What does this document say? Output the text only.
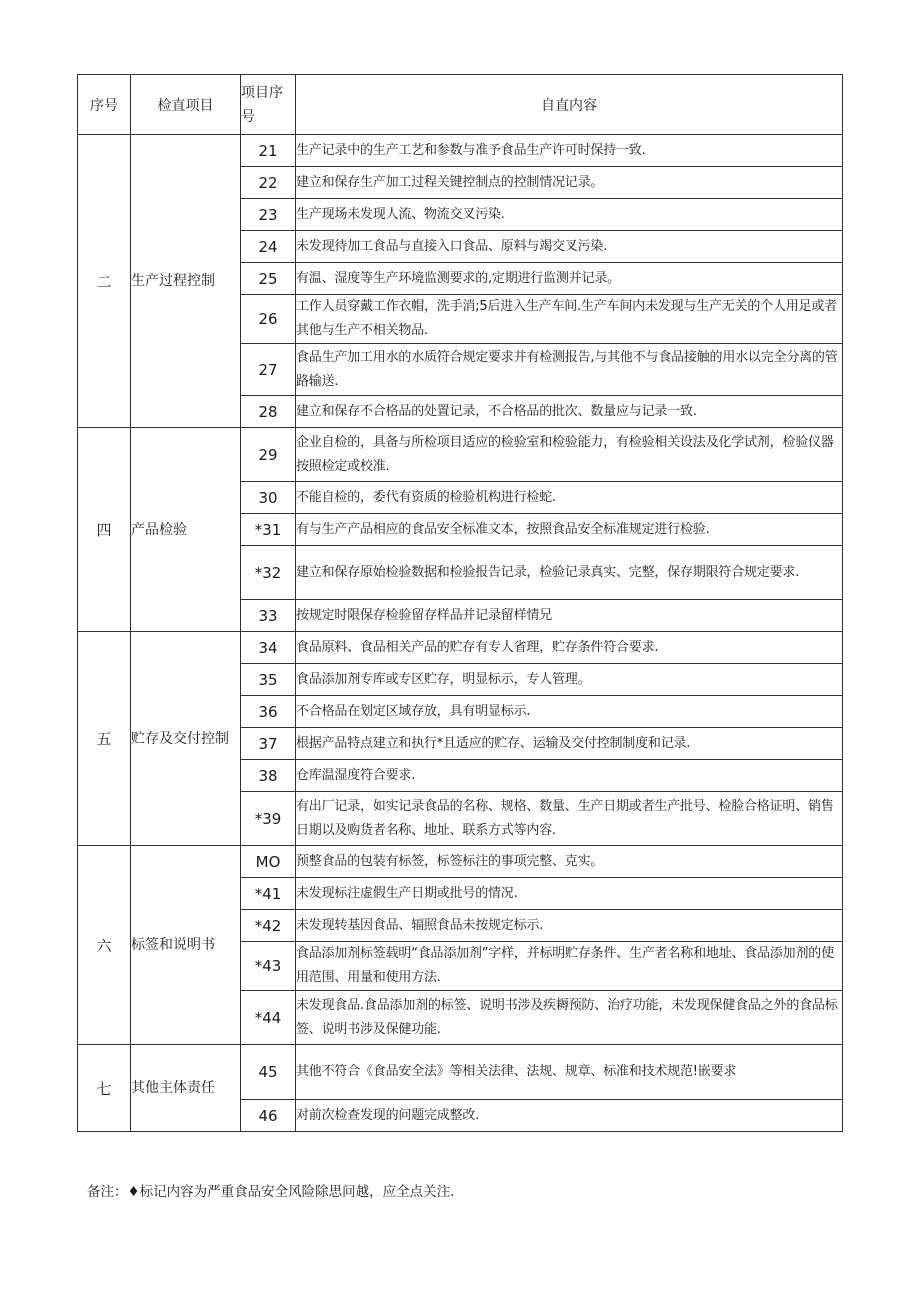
序号	检直项目	项目序号	自直内容
二	生产过程控制	21	生产记录中的生产工艺和参数与准予食品生产许可时保持一致.
		22	建立和保存生产加工过程关键控制点的控制情况记录。
		23	生产现场未发现人流、物流交叉污染.
		24	未发现待加工食品与直接入口食品、原料与竭交叉污染.
		25	有温、湿度等生产环境监测要求的,定期进行监测并记录。
		26	工作人员穿戴工作衣帽，洗手消;5后进入生产车间.生产车间内未发现与生产无关的个人用足或者其他与生产不相关物品.
		27	食品生产加工用水的水质符合规定要求并有检测报告,与其他不与食品接触的用水以完全分离的管路输送.
		28	建立和保存不合格品的处置记录，不合格品的批次、数量应与记录一致.
四	产品检验	29	企业自检的，具备与所检项目适应的检验室和检验能力，有检验相关设法及化学试剂，检验仪器按照检定或校准.
		30	不能自检的，委代有资质的检验机构进行检蛇.
		*31	有与生产产品相应的食品安全标准文本，按照食品安全标准规定进行检验.
		*32	建立和保存原始检验数据和检验报告记录，检验记录真实、完整，保存期限符合规定要求.
		33	按规定时限保存检验留存样品并记录留样情兄
五	贮存及交付控制	34	食品原料、食品相关产品的贮存有专人省理，贮存条件符合要求.
		35	食品添加剂专库或专区贮存，明显标示，专人管理。
		36	不合格品在划定区域存放，具有明显标示.
		37	根据产品特点建立和执行*且适应的贮存、运输及交付控制制度和记录.
		38	仓库温湿度符合要求.
		*39	有出厂记录，如实记录食品的名称、规格、数量、生产日期或者生产批号、检脸合格证明、销售日期以及购货者名称、地址、联系方式等内容.
六	标签和说明书	MO	预整食品的包装有标签，标签标注的事项完整、克实。
		*41	未发现标注虚假生产日期或批号的情况.
		*42	未发现转基因食品、辐照食品未按规定标示.
		*43	食品添加剂标签载明“食品添加剂”字样，并标明贮存条件、生产者名称和地址、食品添加剂的使用范围、用量和使用方法.
		*44	未发现食品.食品添加剂的标签、说明书涉及疾耨预防、治疗功能，未发现保健食品之外的食品标签、说明书涉及保健功能.
七	其他主体责任	45	其他不符合《食品安全法》等相关法律、法规、规章、标准和技术规范!嵌要求
		46	对前次检查发现的问题完成整改.
备注：♦标记内容为严重食品安全风险除思问越，应全点关注.
